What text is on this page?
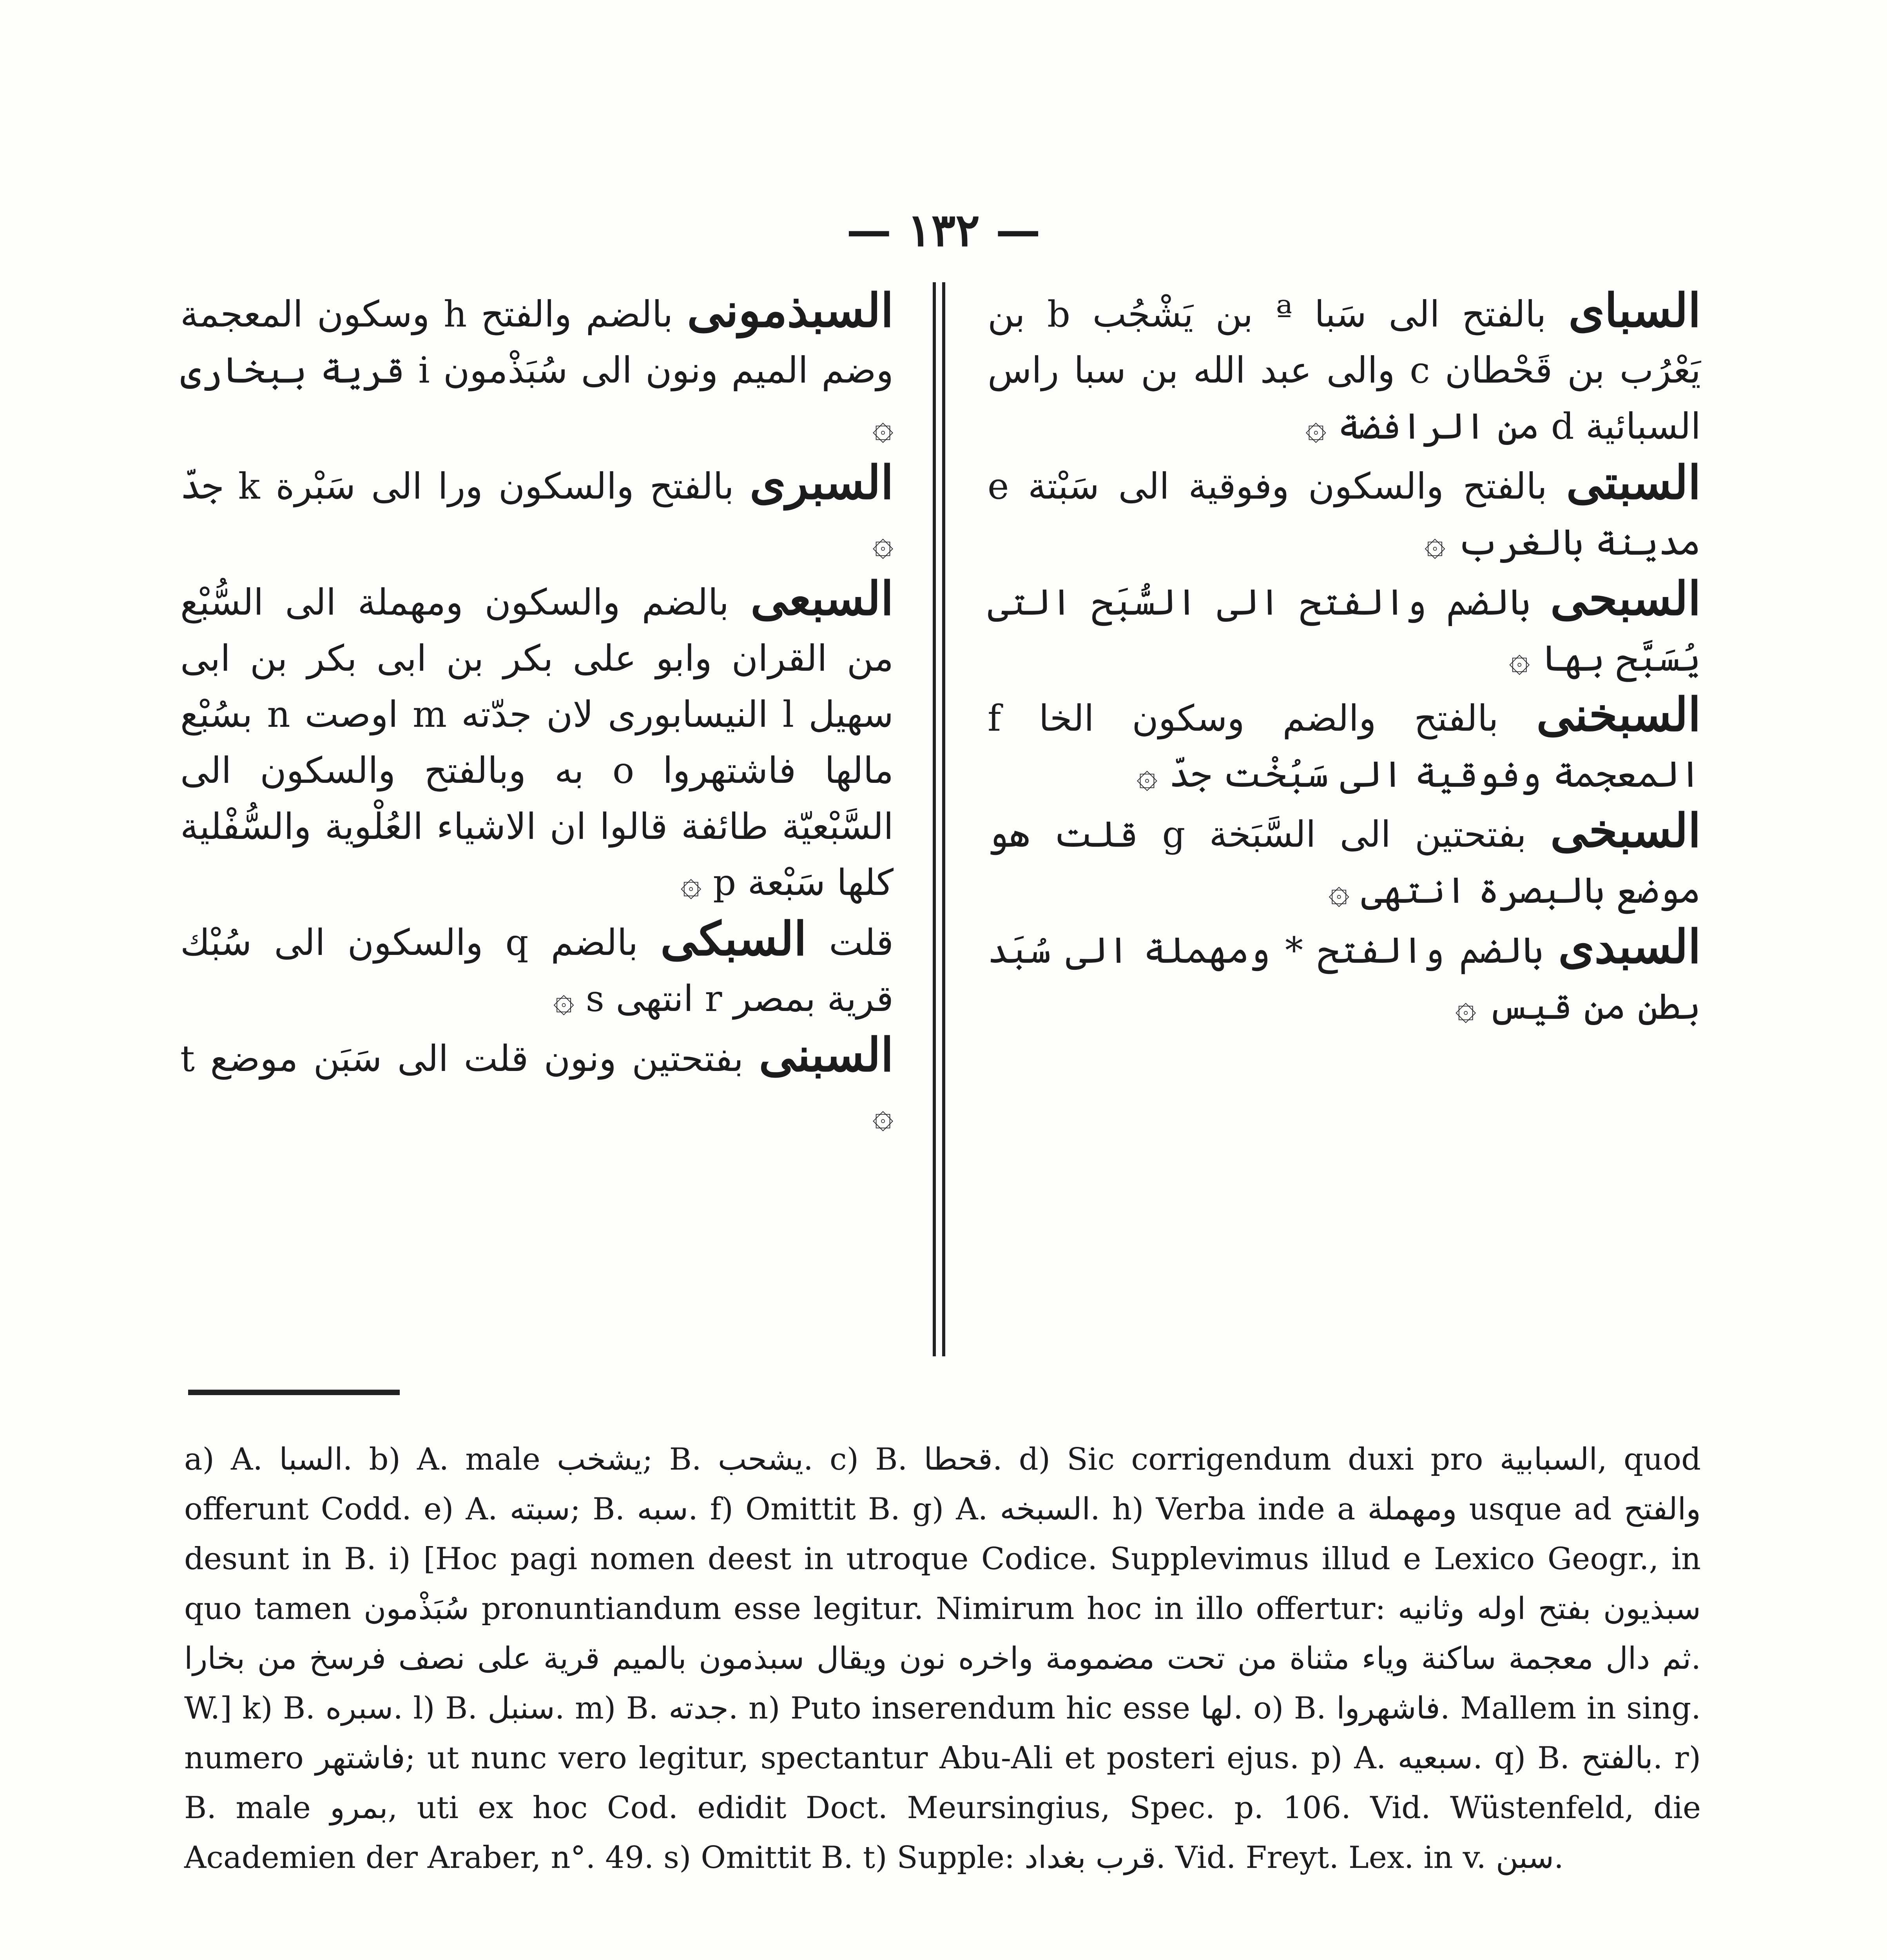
— ١٣٢ —

السباى بالفتح الى سَبا ª بن يَشْجُب b بن يَعْرُب بن قَحْطان c والى عبد الله بن سبا راس السبائية d من الرافضة ۞

السبتى بالفتح والسكون وفوقية الى سَبْتة e مدينة بالغرب ۞

السبحى بالضم والفتح الى السُّبَح التى يُسَبَّح بها ۞

السبخنى بالفتح والضم وسكون الخا f المعجمة وفوقية الى سَبُخْت جدّ ۞

السبخى بفتحتين الى السَّبَخة g قلت هو موضع بالبصرة انتهى ۞

السبدى بالضم والفتح * ومهملة الى سُبَد بطن من قيس ۞

السبذمونى بالضم والفتح h وسكون المعجمة وضم الميم ونون الى سُبَذْمون i قرية ببخارى ۞

السبرى بالفتح والسكون ورا الى سَبْرة k جدّ ۞

السبعى بالضم والسكون ومهملة الى السُّبْع من القران وابو على بكر بن ابى بكر بن ابى سهيل l النيسابورى لان جدّته m اوصت n بسُبْع مالها فاشتهروا o به وبالفتح والسكون الى السَّبْعيّة طائفة قالوا ان الاشياء العُلْوية والسُّفْلية كلها سَبْعة p ۞

قلت السبكى بالضم q والسكون الى سُبْك قرية بمصر r انتهى s ۞

السبنى بفتحتين ونون قلت الى سَبَن موضع t ۞

a) A. السبا. b) A. male يشخب; B. يشحب. c) B. قحطا. d) Sic corrigendum duxi pro السبابية, quod offerunt Codd. e) A. سبته; B. سبه. f) Omittit B. g) A. السبخه. h) Verba inde a ومهملة usque ad والفتح desunt in B. i) [Hoc pagi nomen deest in utroque Codice. Supplevimus illud e Lexico Geogr., in quo tamen سُبَذْمون pronuntiandum esse legitur. Nimirum hoc in illo offertur: سبذيون بفتح اوله وثانيه ثم دال معجمة ساكنة وياء مثناة من تحت مضمومة واخره نون ويقال سبذمون بالميم قرية على نصف فرسخ من بخارا. W.] k) B. سبره. l) B. سنبل. m) B. جدته. n) Puto inserendum hic esse لها. o) B. فاشهروا. Mallem in sing. numero فاشتهر; ut nunc vero legitur, spectantur Abu-Ali et posteri ejus. p) A. سبعيه. q) B. بالفتح. r) B. male بمرو, uti ex hoc Cod. edidit Doct. Meursingius, Spec. p. 106. Vid. Wüstenfeld, die Academien der Araber, n°. 49. s) Omittit B. t) Supple: قرب بغداد. Vid. Freyt. Lex. in v. سبن.
